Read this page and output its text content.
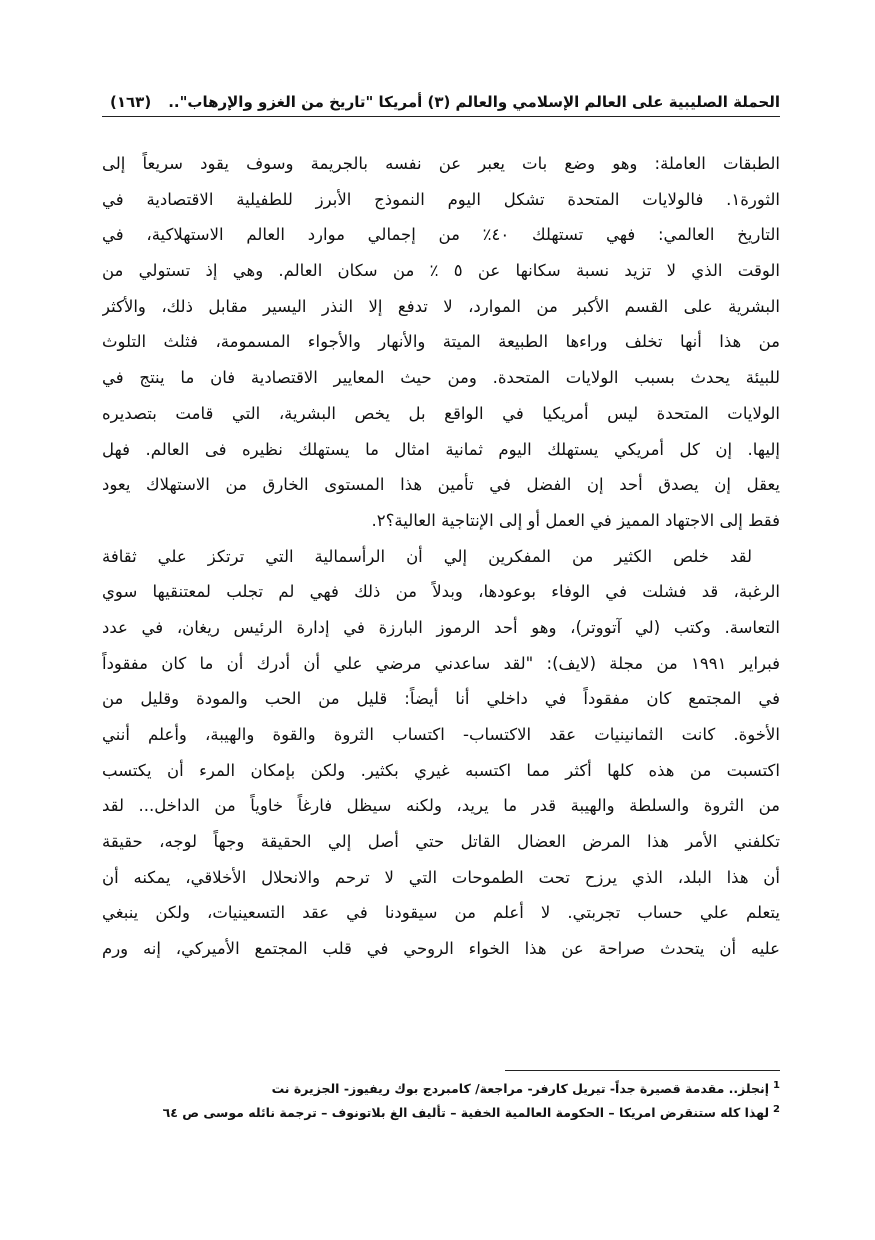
الحملة الصليبية على العالم الإسلامي والعالم (٣) أمريكا "تاريخ من الغزو والإرهاب"..
(١٦٣)
الطبقات العاملة: وهو وضع بات يعبر عن نفسه بالجريمة وسوف يقود سريعاً إلى
الثورة١. فالولايات المتحدة تشكل اليوم النموذج الأبرز للطفيلية الاقتصادية في
التاريخ العالمي: فهي تستهلك ٤٠٪ من إجمالي موارد العالم الاستهلاكية، في
الوقت الذي لا تزيد نسبة سكانها عن ٥ ٪ من سكان العالم. وهي إذ تستولي من
البشرية على القسم الأكبر من الموارد، لا تدفع إلا النذر اليسير مقابل ذلك، والأكثر
من هذا أنها تخلف وراءها الطبيعة الميتة والأنهار والأجواء المسمومة، فثلث التلوث
للبيئة يحدث بسبب الولايات المتحدة. ومن حيث المعايير الاقتصادية فان ما ينتج في
الولايات المتحدة ليس أمريكيا في الواقع بل يخص البشرية، التي قامت بتصديره
إليها. إن كل أمريكي يستهلك اليوم ثمانية امثال ما يستهلك نظيره فى العالم. فهل
يعقل إن يصدق أحد إن الفضل في تأمين هذا المستوى الخارق من الاستهلاك يعود
فقط إلى الاجتهاد المميز في العمل أو إلى الإنتاجية العالية؟٢.
لقد خلص الكثير من المفكرين إلي أن الرأسمالية التي ترتكز علي ثقافة
الرغبة، قد فشلت في الوفاء بوعودها، وبدلاً من ذلك فهي لم تجلب لمعتنقيها سوي
التعاسة. وكتب (لي آتووتر)، وهو أحد الرموز البارزة في إدارة الرئيس ريغان، في عدد
فبراير ١٩٩١ من مجلة (لايف): "لقد ساعدني مرضي علي أن أدرك أن ما كان مفقوداً
في المجتمع كان مفقوداً في داخلي أنا أيضاً: قليل من الحب والمودة وقليل من
الأخوة. كانت الثمانينيات عقد الاكتساب- اكتساب الثروة والقوة والهيبة، وأعلم أنني
اكتسبت من هذه كلها أكثر مما اكتسبه غيري بكثير. ولكن بإمكان المرء أن يكتسب
من الثروة والسلطة والهيبة قدر ما يريد، ولكنه سيظل فارغاً خاوياً من الداخل... لقد
تكلفني الأمر هذا المرض العضال القاتل حتي أصل إلي الحقيقة وجهاً لوجه، حقيقة
أن هذا البلد، الذي يرزح تحت الطموحات التي لا ترحم والانحلال الأخلاقي، يمكنه أن
يتعلم علي حساب تجربتي. لا أعلم من سيقودنا في عقد التسعينيات، ولكن ينبغي
عليه أن يتحدث صراحة عن هذا الخواء الروحي في قلب المجتمع الأميركي، إنه ورم
$^1$إنجلز.. مقدمة قصيرة جداً- تيريل كارفر- مراجعة/ كامبردج بوك ريفيوز- الجزيرة نت
$^2$لهذا كله ستنقرض امريكا – الحكومة العالمية الخفية – تأليف الغ بلاتونوف – ترجمة نائله موسى ص ٦٤
